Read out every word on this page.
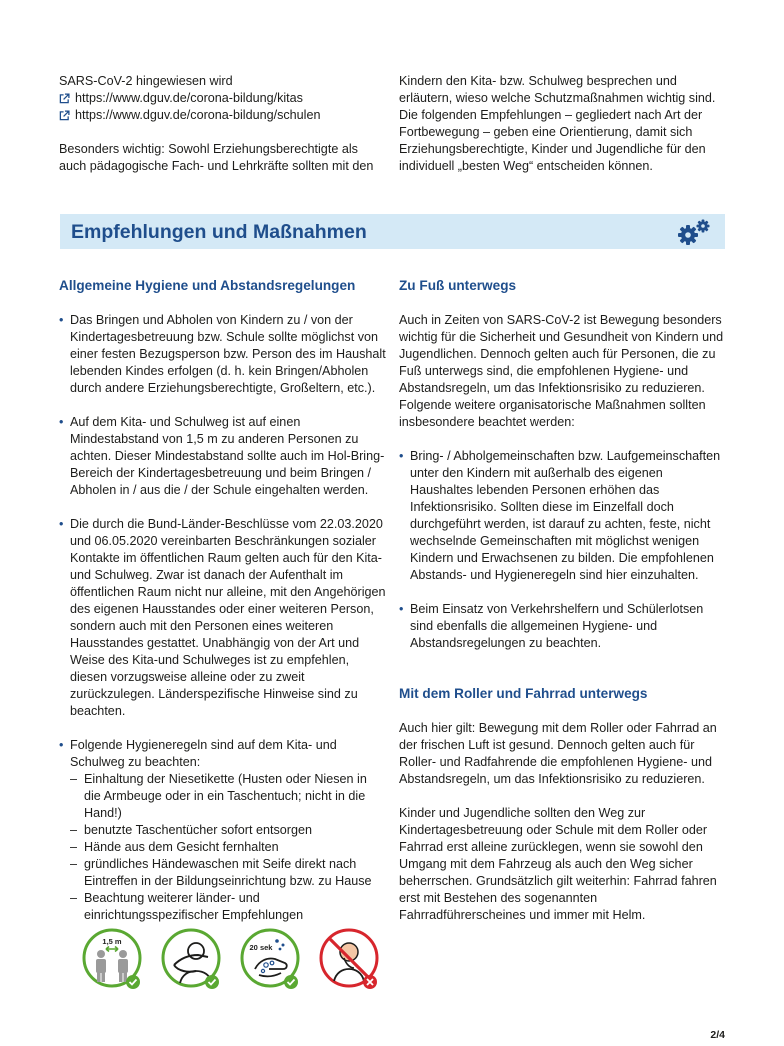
SARS-CoV-2 hingewiesen wird

https://www.dguv.de/corona-bildung/kitas
https://www.dguv.de/corona-bildung/schulen

Besonders wichtig: Sowohl Erziehungsberechtigte als auch pädagogische Fach- und Lehrkräfte sollten mit den

Kindern den Kita- bzw. Schulweg besprechen und erläutern, wieso welche Schutzmaßnahmen wichtig sind. Die folgenden Empfehlungen – gegliedert nach Art der Fortbewegung – geben eine Orientierung, damit sich Erziehungsberechtigte, Kinder und Jugendliche für den individuell „besten Weg“ entscheiden können.

Empfehlungen und Maßnahmen
Allgemeine Hygiene und Abstandsregelungen
• Das Bringen und Abholen von Kindern zu / von der Kindertagesbetreuung bzw. Schule sollte möglichst von einer festen Bezugsperson bzw. Person des im Haushalt lebenden Kindes erfolgen (d. h. kein Bringen/Abholen durch andere Erziehungsberechtigte, Großeltern, etc.).
• Auf dem Kita- und Schulweg ist auf einen Mindestabstand von 1,5 m zu anderen Personen zu achten. Dieser Mindestabstand sollte auch im Hol-Bring-Bereich der Kindertagesbetreuung und beim Bringen / Abholen in / aus die / der Schule eingehalten werden.
• Die durch die Bund-Länder-Beschlüsse vom 22.03.2020 und 06.05.2020 vereinbarten Beschränkungen sozialer Kontakte im öffentlichen Raum gelten auch für den Kita- und Schulweg. Zwar ist danach der Aufenthalt im öffentlichen Raum nicht nur alleine, mit den Angehörigen des eigenen Hausstandes oder einer weiteren Person, sondern auch mit den Personen eines weiteren Hausstandes gestattet. Unabhängig von der Art und Weise des Kita-und Schulweges ist zu empfehlen, diesen vorzugsweise alleine oder zu zweit zurückzulegen. Länderspezifische Hinweise sind zu beachten.
• Folgende Hygieneregeln sind auf dem Kita- und Schulweg zu beachten:
– Einhaltung der Niesetikette (Husten oder Niesen in die Armbeuge oder in ein Taschentuch; nicht in die Hand!)
– benutzte Taschentücher sofort entsorgen
– Hände aus dem Gesicht fernhalten
– gründliches Händewaschen mit Seife direkt nach Eintreffen in der Bildungseinrichtung bzw. zu Hause
– Beachtung weiterer länder- und einrichtungsspezifischer Empfehlungen
1,5 m
20 sek
Zu Fuß unterwegs

Auch in Zeiten von SARS-CoV-2 ist Bewegung besonders wichtig für die Sicherheit und Gesundheit von Kindern und Jugendlichen. Dennoch gelten auch für Personen, die zu Fuß unterwegs sind, die empfohlenen Hygiene- und Abstandsregeln, um das Infektionsrisiko zu reduzieren. Folgende weitere organisatorische Maßnahmen sollten insbesondere beachtet werden:

• Bring- / Abholgemeinschaften bzw. Laufgemeinschaften unter den Kindern mit außerhalb des eigenen Haushaltes lebenden Personen erhöhen das Infektionsrisiko. Sollten diese im Einzelfall doch durchgeführt werden, ist darauf zu achten, feste, nicht wechselnde Gemeinschaften mit möglichst wenigen Kindern und Erwachsenen zu bilden. Die empfohlenen Abstands- und Hygieneregeln sind hier einzuhalten.
• Beim Einsatz von Verkehrshelfern und Schülerlotsen sind ebenfalls die allgemeinen Hygiene- und Abstandsregelungen zu beachten.
Mit dem Roller und Fahrrad unterwegs

Auch hier gilt: Bewegung mit dem Roller oder Fahrrad an der frischen Luft ist gesund. Dennoch gelten auch für Roller- und Radfahrende die empfohlenen Hygiene- und Abstandsregeln, um das Infektionsrisiko zu reduzieren.

Kinder und Jugendliche sollten den Weg zur Kindertagesbetreuung oder Schule mit dem Roller oder Fahrrad erst alleine zurücklegen, wenn sie sowohl den Umgang mit dem Fahrzeug als auch den Weg sicher beherrschen. Grundsätzlich gilt weiterhin: Fahrrad fahren erst mit Bestehen des sogenannten Fahrradführerscheines und immer mit Helm.

2/4
